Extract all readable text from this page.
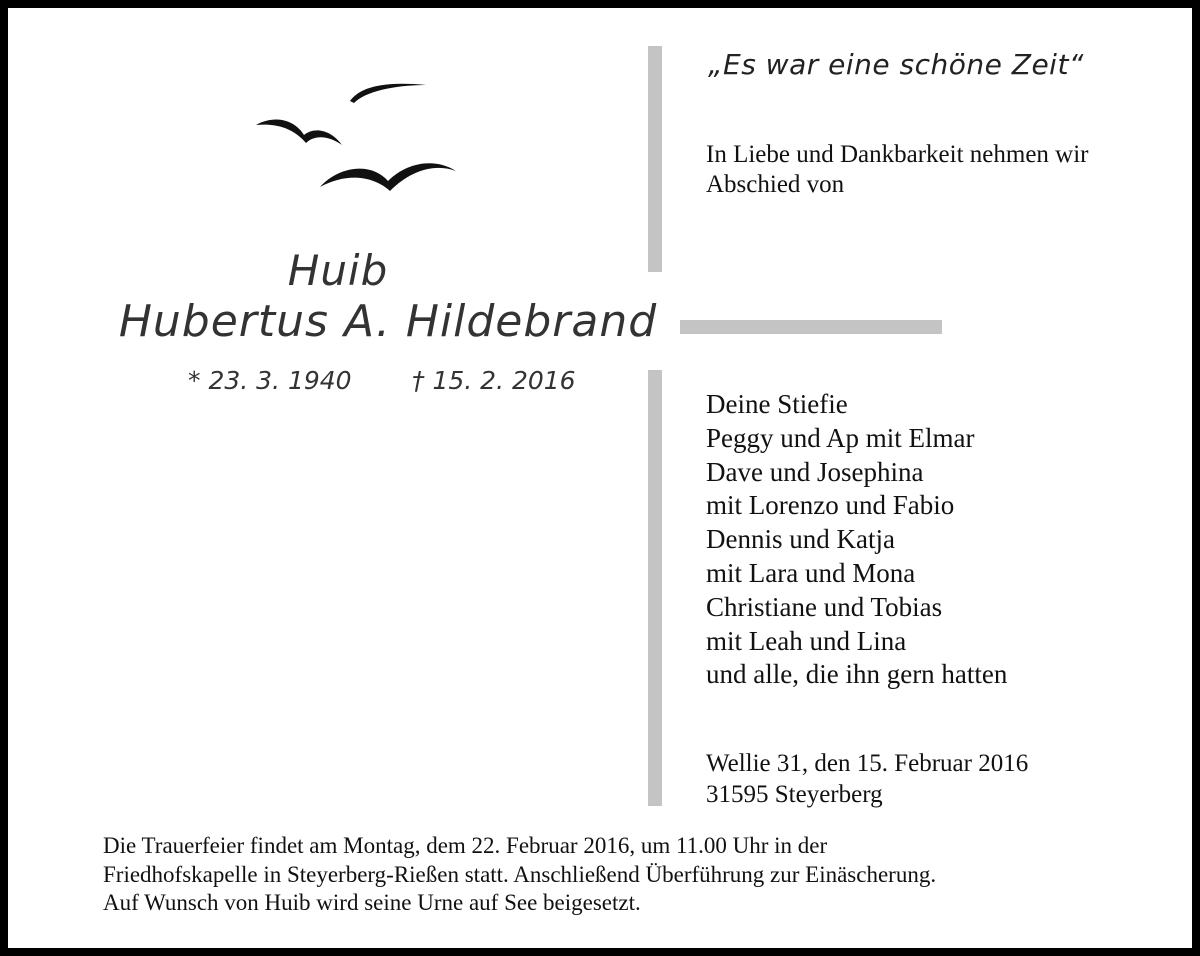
„Es war eine schöne Zeit“

In Liebe und Dankbarkeit nehmen wir Abschied von

Huib

Hubertus A. Hildebrand

* 23. 3. 1940 † 15. 2. 2016

Deine Stiefie
Peggy und Ap mit Elmar
Dave und Josephina
mit Lorenzo und Fabio
Dennis und Katja
mit Lara und Mona
Christiane und Tobias
mit Leah und Lina
und alle, die ihn gern hatten
Wellie 31, den 15. Februar 2016
31595 Steyerberg
Die Trauerfeier findet am Montag, dem 22. Februar 2016, um 11.00 Uhr in der
Friedhofskapelle in Steyerberg-Rießen statt. Anschließend Überführung zur Einäscherung.
Auf Wunsch von Huib wird seine Urne auf See beigesetzt.
